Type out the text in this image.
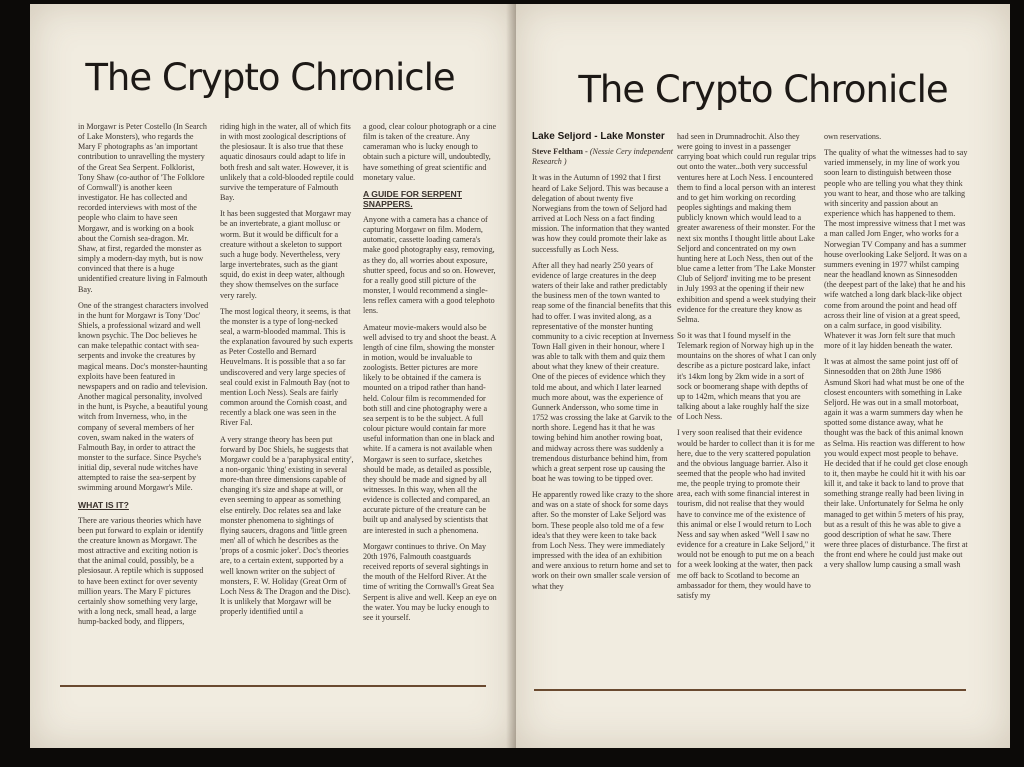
The Crypto Chronicle

in Morgawr is Peter Costello (In Search of Lake Monsters), who regards the Mary F photographs as 'an important contribution to unravelling the mystery of the Great Sea Serpent. Folklorist, Tony Shaw (co-author of 'The Folklore of Cornwall') is another keen investigator. He has collected and recorded interviews with most of the people who claim to have seen Morgawr, and is working on a book about the Cornish sea-dragon. Mr. Shaw, at first, regarded the monster as simply a modern-day myth, but is now convinced that there is a huge unidentified creature living in Falmouth Bay.

One of the strangest characters involved in the hunt for Morgawr is Tony 'Doc' Shiels, a professional wizard and well known psychic. The Doc believes he can make telepathic contact with sea-serpents and invoke the creatures by magical means. Doc's monster-haunting exploits have been featured in newspapers and on radio and television. Another magical personality, involved in the hunt, is Psyche, a beautiful young witch from Inverness, who, in the company of several members of her coven, swam naked in the waters of Falmouth Bay, in order to attract the monster to the surface. Since Psyche's initial dip, several nude witches have attempted to raise the sea-serpent by swimming around Morgawr's Mile.

WHAT IS IT?

There are various theories which have been put forward to explain or identify the creature known as Morgawr. The most attractive and exciting notion is that the animal could, possibly, be a plesiosaur. A reptile which is supposed to have been extinct for over seventy million years. The Mary F pictures certainly show something very large, with a long neck, small head, a large hump-backed body, and flippers,

riding high in the water, all of which fits in with most zoological descriptions of the plesiosaur. It is also true that these aquatic dinosaurs could adapt to life in both fresh and salt water. However, it is unlikely that a cold-blooded reptile could survive the temperature of Falmouth Bay.

It has been suggested that Morgawr may be an invertebrate, a giant mollusc or worm. But it would be difficult for a creature without a skeleton to support such a huge body. Nevertheless, very large invertebrates, such as the giant squid, do exist in deep water, although they show themselves on the surface very rarely.

The most logical theory, it seems, is that the monster is a type of long-necked seal, a warm-blooded mammal. This is the explanation favoured by such experts as Peter Costello and Bernard Heuvelmans. It is possible that a so far undiscovered and very large species of seal could exist in Falmouth Bay (not to mention Loch Ness). Seals are fairly common around the Cornish coast, and recently a black one was seen in the River Fal.

A very strange theory has been put forward by Doc Shiels, he suggests that Morgawr could be a 'paraphysical entity', a non-organic 'thing' existing in several more-than three dimensions capable of changing it's size and shape at will, or even seeming to appear as something else entirely. Doc relates sea and lake monster phenomena to sightings of flying saucers, dragons and 'little green men' all of which he describes as the 'props of a cosmic joker'. Doc's theories are, to a certain extent, supported by a well known writer on the subject of monsters, F. W. Holiday (Great Orm of Loch Ness & The Dragon and the Disc). It is unlikely that Morgawr will be properly identified until a

a good, clear colour photograph or a cine film is taken of the creature. Any cameraman who is lucky enough to obtain such a picture will, undoubtedly, have something of great scientific and monetary value.

A GUIDE FOR SERPENT SNAPPERS.

Anyone with a camera has a chance of capturing Morgawr on film. Modern, automatic, cassette loading camera's make good photography easy, removing, as they do, all worries about exposure, shutter speed, focus and so on. However, for a really good still picture of the monster, I would recommend a single-lens reflex camera with a good telephoto lens.

Amateur movie-makers would also be well advised to try and shoot the beast. A length of cine film, showing the monster in motion, would be invaluable to zoologists. Better pictures are more likely to be obtained if the camera is mounted on a tripod rather than hand-held. Colour film is recommended for both still and cine photography were a sea serpent is to be the subject. A full colour picture would contain far more useful information than one in black and white. If a camera is not available when Morgawr is seen to surface, sketches should be made, as detailed as possible, they should be made and signed by all witnesses. In this way, when all the evidence is collected and compared, an accurate picture of the creature can be built up and analysed by scientists that are interested in such a phenomena.

Morgawr continues to thrive. On May 20th 1976, Falmouth coastguards received reports of several sightings in the mouth of the Helford River. At the time of writing the Cornwall's Great Sea Serpent is alive and well. Keep an eye on the water. You may be lucky enough to see it yourself.

The Crypto Chronicle
Lake Seljord - Lake Monster
Steve Feltham - (Nessie Cery independent Research )

It was in the Autumn of 1992 that I first heard of Lake Seljord. This was because a delegation of about twenty five Norwegians from the town of Seljord had arrived at Loch Ness on a fact finding mission. The information that they wanted was how they could promote their lake as successfully as Loch Ness.

After all they had nearly 250 years of evidence of large creatures in the deep waters of their lake and rather predictably the business men of the town wanted to reap some of the financial benefits that this had to offer. I was invited along, as a representative of the monster hunting community to a civic reception at Inverness Town Hall given in their honour, where I was able to talk with them and quiz them about what they knew of their creature. One of the pieces of evidence which they told me about, and which I later learned much more about, was the experience of Gunnerk Andersson, who some time in 1752 was crossing the lake at Garvik to the north shore. Legend has it that he was towing behind him another rowing boat, and midway across there was suddenly a tremendous disturbance behind him, from which a great serpent rose up causing the boat he was towing to be tipped over.

He apparently rowed like crazy to the shore and was on a state of shock for some days after. So the monster of Lake Seljord was born. These people also told me of a few idea's that they were keen to take back from Loch Ness. They were immediately impressed with the idea of an exhibition and were anxious to return home and set to work on their own smaller scale version of what they

had seen in Drumnadrochit. Also they were going to invest in a passenger carrying boat which could run regular trips out onto the water...both very successful ventures here at Loch Ness. I encountered them to find a local person with an interest and to get him working on recording peoples sightings and making them publicly known which would lead to a greater awareness of their monster. For the next six months I thought little about Lake Seljord and concentrated on my own hunting here at Loch Ness, then out of the blue came a letter from 'The Lake Monster Club of Seljord' inviting me to be present in July 1993 at the opening if their new exhibition and spend a week studying their evidence for the creature they know as Selma.

So it was that I found myself in the Telemark region of Norway high up in the mountains on the shores of what I can only describe as a picture postcard lake, infact it's 14km long by 2km wide in a sort of sock or boomerang shape with depths of up to 142m, which means that you are talking about a lake roughly half the size of Loch Ness.

I very soon realised that their evidence would be harder to collect than it is for me here, due to the very scattered population and the obvious language barrier. Also it seemed that the people who had invited me, the people trying to promote their area, each with some financial interest in tourism, did not realise that they would have to convince me of the existence of this animal or else I would return to Loch Ness and say when asked "Well I saw no evidence for a creature in Lake Seljord," it would not be enough to put me on a beach for a week looking at the water, then pack me off back to Scotland to become an ambassador for them, they would have to satisfy my

own reservations.

The quality of what the witnesses had to say varied immensely, in my line of work you soon learn to distinguish between those people who are telling you what they think you want to hear, and those who are talking with sincerity and passion about an experience which has happened to them. The most impressive witness that I met was a man called Jorn Enger, who works for a Norwegian TV Company and has a summer house overlooking Lake Seljord. It was on a summers evening in 1977 whilst camping near the headland known as Sinnesodden (the deepest part of the lake) that he and his wife watched a long dark black-like object come from around the point and head off across their line of vision at a great speed, on a calm surface, in good visibility. Whatever it was Jorn felt sure that much more of it lay hidden beneath the water.

It was at almost the same point just off of Sinnesodden that on 28th June 1986 Asmund Skori had what must be one of the closest encounters with something in Lake Seljord. He was out in a small motorboat, again it was a warm summers day when he spotted some distance away, what he thought was the back of this animal known as Selma. His reaction was different to how you would expect most people to behave. He decided that if he could get close enough to it, then maybe he could hit it with his oar kill it, and take it back to land to prove that something strange really had been living in their lake. Unfortunately for Selma he only managed to get within 5 meters of his pray, but as a result of this he was able to give a good description of what he saw. There were three places of disturbance. The first at the front end where he could just make out a very shallow lump causing a small wash
